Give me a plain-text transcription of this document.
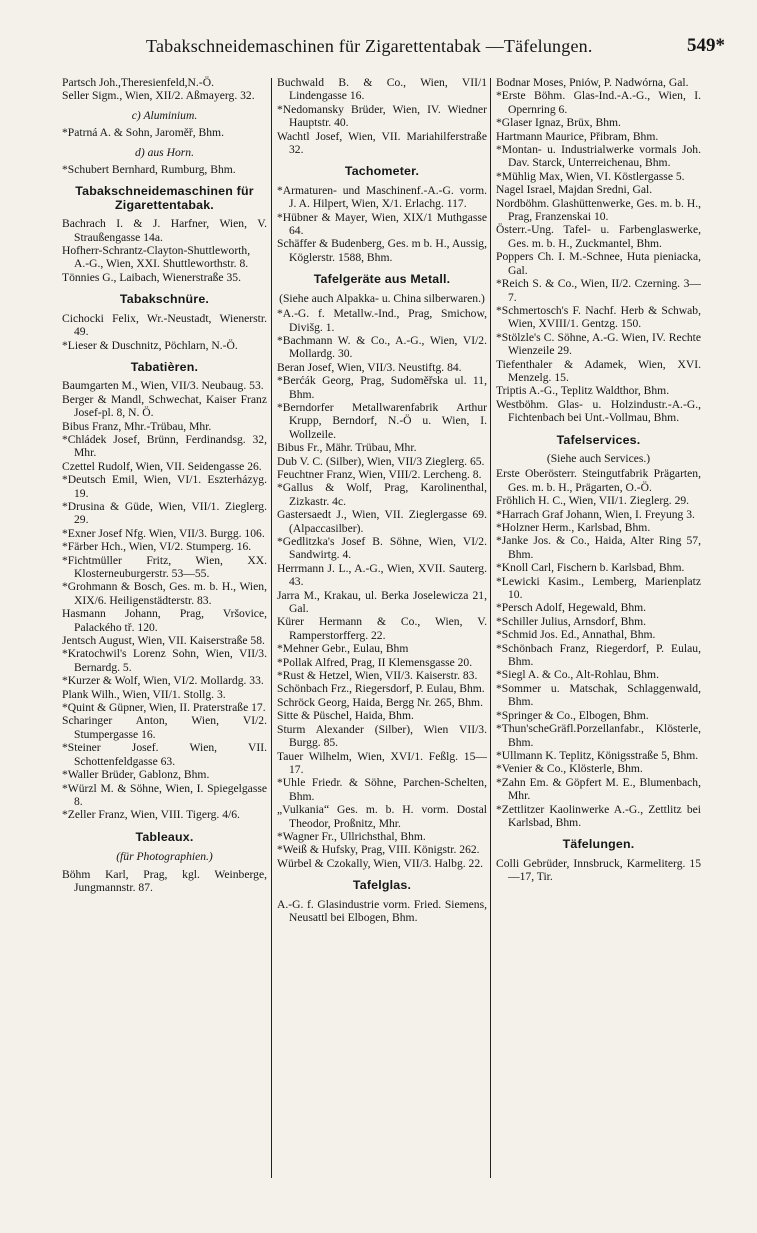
Tabakschneidemaschinen für Zigarettentabak —Täfelungen.	549*
Partsch Joh.,Theresienfeld,N.-Ö.
Seller Sigm., Wien, XII/2. Aßmayerg. 32.
c) Aluminium.
*Patrná A. & Sohn, Jaroměř, Bhm.
d) aus Horn.
*Schubert Bernhard, Rumburg, Bhm.
Tabakschneidemaschinen für Zigarettentabak.
Bachrach I. & J. Harfner, Wien, V. Straußengasse 14a.
Hofherr-Schrantz-Clayton-Shuttleworth, A.-G., Wien, XXI. Shuttleworthstr. 8.
Tönnies G., Laibach, Wienerstraße 35.
Tabakschnüre.
Cichocki Felix, Wr.-Neustadt, Wienerstr. 49.
*Lieser & Duschnitz, Pöchlarn, N.-Ö.
Tabatièren.
Baumgarten M., Wien, VII/3. Neubaug. 53.
Berger & Mandl, Schwechat, Kaiser Franz Josef-pl. 8, N. Ö.
Bibus Franz, Mhr.-Trübau, Mhr.
*Chládek Josef, Brünn, Ferdinandsg. 32, Mhr.
Czettel Rudolf, Wien, VII. Seidengasse 26.
*Deutsch Emil, Wien, VI/1. Eszterházyg. 19.
*Drusina & Güde, Wien, VII/1. Zieglerg. 29.
*Exner Josef Nfg. Wien, VII/3. Burgg. 106.
*Färber Hch., Wien, VI/2. Stumperg. 16.
*Fichtmüller Fritz, Wien, XX. Klosterneuburgerstr. 53—55.
*Grohmann & Bosch, Ges. m. b. H., Wien, XIX/6. Heiligenstädterstr. 83.
Hasmann Johann, Prag, Vršovice, Palackého tř. 120.
Jentsch August, Wien, VII. Kaiserstraße 58.
*Kratochwil's Lorenz Sohn, Wien, VII/3. Bernardg. 5.
*Kurzer & Wolf, Wien, VI/2. Mollardg. 33.
Plank Wilh., Wien, VII/1. Stollg. 3.
*Quint & Güpner, Wien, II. Praterstraße 17.
Scharinger Anton, Wien, VI/2. Stumpergasse 16.
*Steiner Josef. Wien, VII. Schottenfeldgasse 63.
*Waller Brüder, Gablonz, Bhm.
*Würzl M. & Söhne, Wien, I. Spiegelgasse 8.
*Zeller Franz, Wien, VIII. Tigerg. 4/6.
Tableaux.
(für Photographien.)
Böhm Karl, Prag, kgl. Weinberge, Jungmannstr. 87.
Buchwald B. & Co., Wien, VII/1 Lindengasse 16.
*Nedomansky Brüder, Wien, IV. Wiedner Hauptstr. 40.
Wachtl Josef, Wien, VII. Mariahilferstraße 32.
Tachometer.
*Armaturen- und Maschinenf.-A.-G. vorm. J. A. Hilpert, Wien, X/1. Erlachg. 117.
*Hübner & Mayer, Wien, XIX/1 Muthgasse 64.
Schäffer & Budenberg, Ges. m b. H., Aussig, Köglerstr. 1588, Bhm.
Tafelgeräte aus Metall.
(Siehe auch Alpakka- u. China silberwaren.)
*A.-G. f. Metallw.-Ind., Prag, Smichow, Divišg. 1.
*Bachmann W. & Co., A.-G., Wien, VI/2. Mollardg. 30.
Beran Josef, Wien, VII/3. Neustiftg. 84.
*Berćák Georg, Prag, Sudoměřska ul. 11, Bhm.
*Berndorfer Metallwarenfabrik Arthur Krupp, Berndorf, N.-Ö u. Wien, I. Wollzeile.
Bibus Fr., Mähr. Trübau, Mhr.
Dub V. C. (Silber), Wien, VII/3 Zieglerg. 65.
Feuchtner Franz, Wien, VIII/2. Lercheng. 8.
*Gallus & Wolf, Prag, Karolinenthal, Zizkastr. 4c.
Gastersaedt J., Wien, VII. Zieglergasse 69. (Alpaccasilber).
*Gedlitzka's Josef B. Söhne, Wien, VI/2. Sandwirtg. 4.
Herrmann J. L., A.-G., Wien, XVII. Sauterg. 43.
Jarra M., Krakau, ul. Berka Joselewicza 21, Gal.
Kürer Hermann & Co., Wien, V. Ramperstorfferg. 22.
*Mehner Gebr., Eulau, Bhm
*Pollak Alfred, Prag, II Klemensgasse 20.
*Rust & Hetzel, Wien, VII/3. Kaiserstr. 83.
Schönbach Frz., Riegersdorf, P. Eulau, Bhm.
Schröck Georg, Haida, Bergg Nr. 265, Bhm.
Sitte & Püschel, Haida, Bhm.
Sturm Alexander (Silber), Wien VII/3. Burgg. 85.
Tauer Wilhelm, Wien, XVI/1. Feßlg. 15—17.
*Uhle Friedr. & Söhne, Parchen-Schelten, Bhm.
„Vulkania“ Ges. m. b. H. vorm. Dostal Theodor, Proßnitz, Mhr.
*Wagner Fr., Ullrichsthal, Bhm.
*Weiß & Hufsky, Prag, VIII. Königstr. 262.
Würbel & Czokally, Wien, VII/3. Halbg. 22.
Tafelglas.
A.-G. f. Glasindustrie vorm. Fried. Siemens, Neusattl bei Elbogen, Bhm.
Bodnar Moses, Pniów, P. Nadwórna, Gal.
*Erste Böhm. Glas-Ind.-A.-G., Wien, I. Opernring 6.
*Glaser Ignaz, Brüx, Bhm.
Hartmann Maurice, Přibram, Bhm.
*Montan- u. Industrialwerke vormals Joh. Dav. Starck, Unterreichenau, Bhm.
*Mühlig Max, Wien, VI. Köstlergasse 5.
Nagel Israel, Majdan Sredni, Gal.
Nordböhm. Glashüttenwerke, Ges. m. b. H., Prag, Franzenskai 10.
Österr.-Ung. Tafel- u. Farbenglaswerke, Ges. m. b. H., Zuckmantel, Bhm.
Poppers Ch. I. M.-Schnee, Huta pieniacka, Gal.
*Reich S. & Co., Wien, II/2. Czerning. 3—7.
*Schmertosch's F. Nachf. Herb & Schwab, Wien, XVIII/1. Gentzg. 150.
*Stölzle's C. Söhne, A.-G. Wien, IV. Rechte Wienzeile 29.
Tiefenthaler & Adamek, Wien, XVI. Menzelg. 15.
Triptis A.-G., Teplitz Waldthor, Bhm.
Westböhm. Glas- u. Holzindustr.-A.-G., Fichtenbach bei Unt.-Vollmau, Bhm.
Tafelservices.
(Siehe auch Services.)
Erste Oberösterr. Steingutfabrik Prägarten, Ges. m. b. H., Prägarten, O.-Ö.
Fröhlich H. C., Wien, VII/1. Zieglerg. 29.
*Harrach Graf Johann, Wien, I. Freyung 3.
*Holzner Herm., Karlsbad, Bhm.
*Janke Jos. & Co., Haida, Alter Ring 57, Bhm.
*Knoll Carl, Fischern b. Karlsbad, Bhm.
*Lewicki Kasim., Lemberg, Marienplatz 10.
*Persch Adolf, Hegewald, Bhm.
*Schiller Julius, Arnsdorf, Bhm.
*Schmid Jos. Ed., Annathal, Bhm.
*Schönbach Franz, Riegerdorf, P. Eulau, Bhm.
*Siegl A. & Co., Alt-Rohlau, Bhm.
*Sommer u. Matschak, Schlaggenwald, Bhm.
*Springer & Co., Elbogen, Bhm.
*Thun'scheGräfl.Porzellanfabr., Klösterle, Bhm.
*Ullmann K. Teplitz, Königsstraße 5, Bhm.
*Venier & Co., Klösterle, Bhm.
*Zahn Em. & Göpfert M. E., Blumenbach, Mhr.
*Zettlitzer Kaolinwerke A.-G., Zettlitz bei Karlsbad, Bhm.
Täfelungen.
Colli Gebrüder, Innsbruck, Karmeliterg. 15—17, Tir.
